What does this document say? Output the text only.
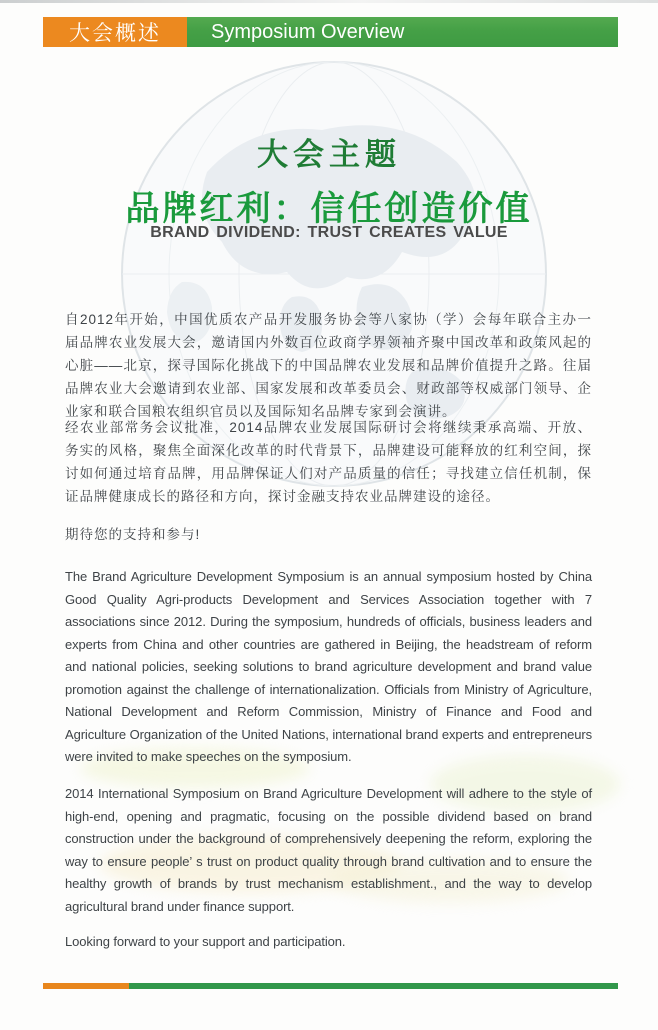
大会概述	Symposium Overview
大会主题
品牌红利：信任创造价值
BRAND DIVIDEND: TRUST CREATES VALUE

自2012年开始，中国优质农产品开发服务协会等八家协（学）会每年联合主办一届品牌农业发展大会，邀请国内外数百位政商学界领袖齐聚中国改革和政策风起的心脏——北京，探寻国际化挑战下的中国品牌农业发展和品牌价值提升之路。往届品牌农业大会邀请到农业部、国家发展和改革委员会、财政部等权威部门领导、企业家和联合国粮农组织官员以及国际知名品牌专家到会演讲。

经农业部常务会议批准，2014品牌农业发展国际研讨会将继续秉承高端、开放、务实的风格，聚焦全面深化改革的时代背景下，品牌建设可能释放的红利空间，探讨如何通过培育品牌，用品牌保证人们对产品质量的信任；寻找建立信任机制，保证品牌健康成长的路径和方向，探讨金融支持农业品牌建设的途径。

期待您的支持和参与!

The Brand Agriculture Development Symposium is an annual symposium hosted by China Good Quality Agri-products Development and Services Association together with 7 associations since 2012. During the symposium, hundreds of officials, business leaders and experts from China and other countries are gathered in Beijing, the headstream of reform and national policies, seeking solutions to brand agriculture development and brand value promotion against the challenge of internationalization. Officials from Ministry of Agriculture, National Development and Reform Commission, Ministry of Finance and Food and Agriculture Organization of the United Nations, international brand experts and entrepreneurs were invited to make speeches on the symposium.

2014 International Symposium on Brand Agriculture Development will adhere to the style of high-end, opening and pragmatic, focusing on the possible dividend based on brand construction under the background of comprehensively deepening the reform, exploring the way to ensure people’ s trust on product quality through brand cultivation and to ensure the healthy growth of brands by trust mechanism establishment., and the way to develop agricultural brand under finance support.

Looking forward to your support and participation.
